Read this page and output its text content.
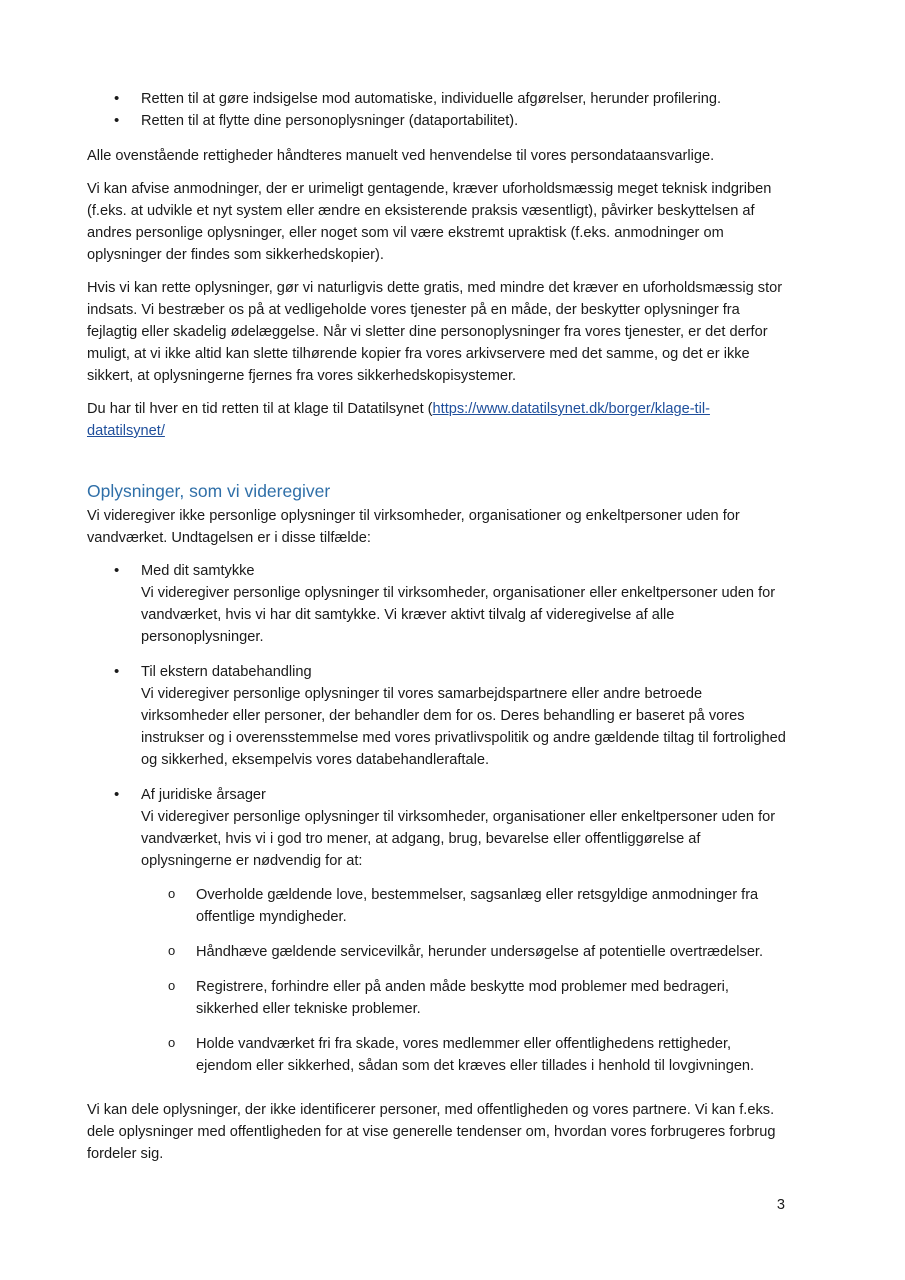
• Retten til at gøre indsigelse mod automatiske, individuelle afgørelser, herunder profilering.
• Retten til at flytte dine personoplysninger (dataportabilitet).

Alle ovenstående rettigheder håndteres manuelt ved henvendelse til vores persondataansvarlige.

Vi kan afvise anmodninger, der er urimeligt gentagende, kræver uforholdsmæssig meget teknisk indgriben (f.eks. at udvikle et nyt system eller ændre en eksisterende praksis væsentligt), påvirker beskyttelsen af andres personlige oplysninger, eller noget som vil være ekstremt upraktisk (f.eks. anmodninger om oplysninger der findes som sikkerhedskopier).

Hvis vi kan rette oplysninger, gør vi naturligvis dette gratis, med mindre det kræver en uforholdsmæssig stor indsats. Vi bestræber os på at vedligeholde vores tjenester på en måde, der beskytter oplysninger fra fejlagtig eller skadelig ødelæggelse. Når vi sletter dine personoplysninger fra vores tjenester, er det derfor muligt, at vi ikke altid kan slette tilhørende kopier fra vores arkivservere med det samme, og det er ikke sikkert, at oplysningerne fjernes fra vores sikkerhedskopisystemer.

Du har til hver en tid retten til at klage til Datatilsynet (https://www.datatilsynet.dk/borger/klage-til-datatilsynet/

Oplysninger, som vi videregiver

Vi videregiver ikke personlige oplysninger til virksomheder, organisationer og enkeltpersoner uden for vandværket. Undtagelsen er i disse tilfælde:

• Med dit samtykke
Vi videregiver personlige oplysninger til virksomheder, organisationer eller enkeltpersoner uden for vandværket, hvis vi har dit samtykke. Vi kræver aktivt tilvalg af videregivelse af alle personoplysninger.
• Til ekstern databehandling
Vi videregiver personlige oplysninger til vores samarbejdspartnere eller andre betroede virksomheder eller personer, der behandler dem for os. Deres behandling er baseret på vores instrukser og i overensstemmelse med vores privatlivspolitik og andre gældende tiltag til fortrolighed og sikkerhed, eksempelvis vores databehandleraftale.
• Af juridiske årsager
Vi videregiver personlige oplysninger til virksomheder, organisationer eller enkeltpersoner uden for vandværket, hvis vi i god tro mener, at adgang, brug, bevarelse eller offentliggørelse af oplysningerne er nødvendig for at:
o Overholde gældende love, bestemmelser, sagsanlæg eller retsgyldige anmodninger fra offentlige myndigheder.
o Håndhæve gældende servicevilkår, herunder undersøgelse af potentielle overtrædelser.
o Registrere, forhindre eller på anden måde beskytte mod problemer med bedrageri, sikkerhed eller tekniske problemer.
o Holde vandværket fri fra skade, vores medlemmer eller offentlighedens rettigheder, ejendom eller sikkerhed, sådan som det kræves eller tillades i henhold til lovgivningen.

Vi kan dele oplysninger, der ikke identificerer personer, med offentligheden og vores partnere. Vi kan f.eks. dele oplysninger med offentligheden for at vise generelle tendenser om, hvordan vores forbrugeres forbrug fordeler sig.

3
